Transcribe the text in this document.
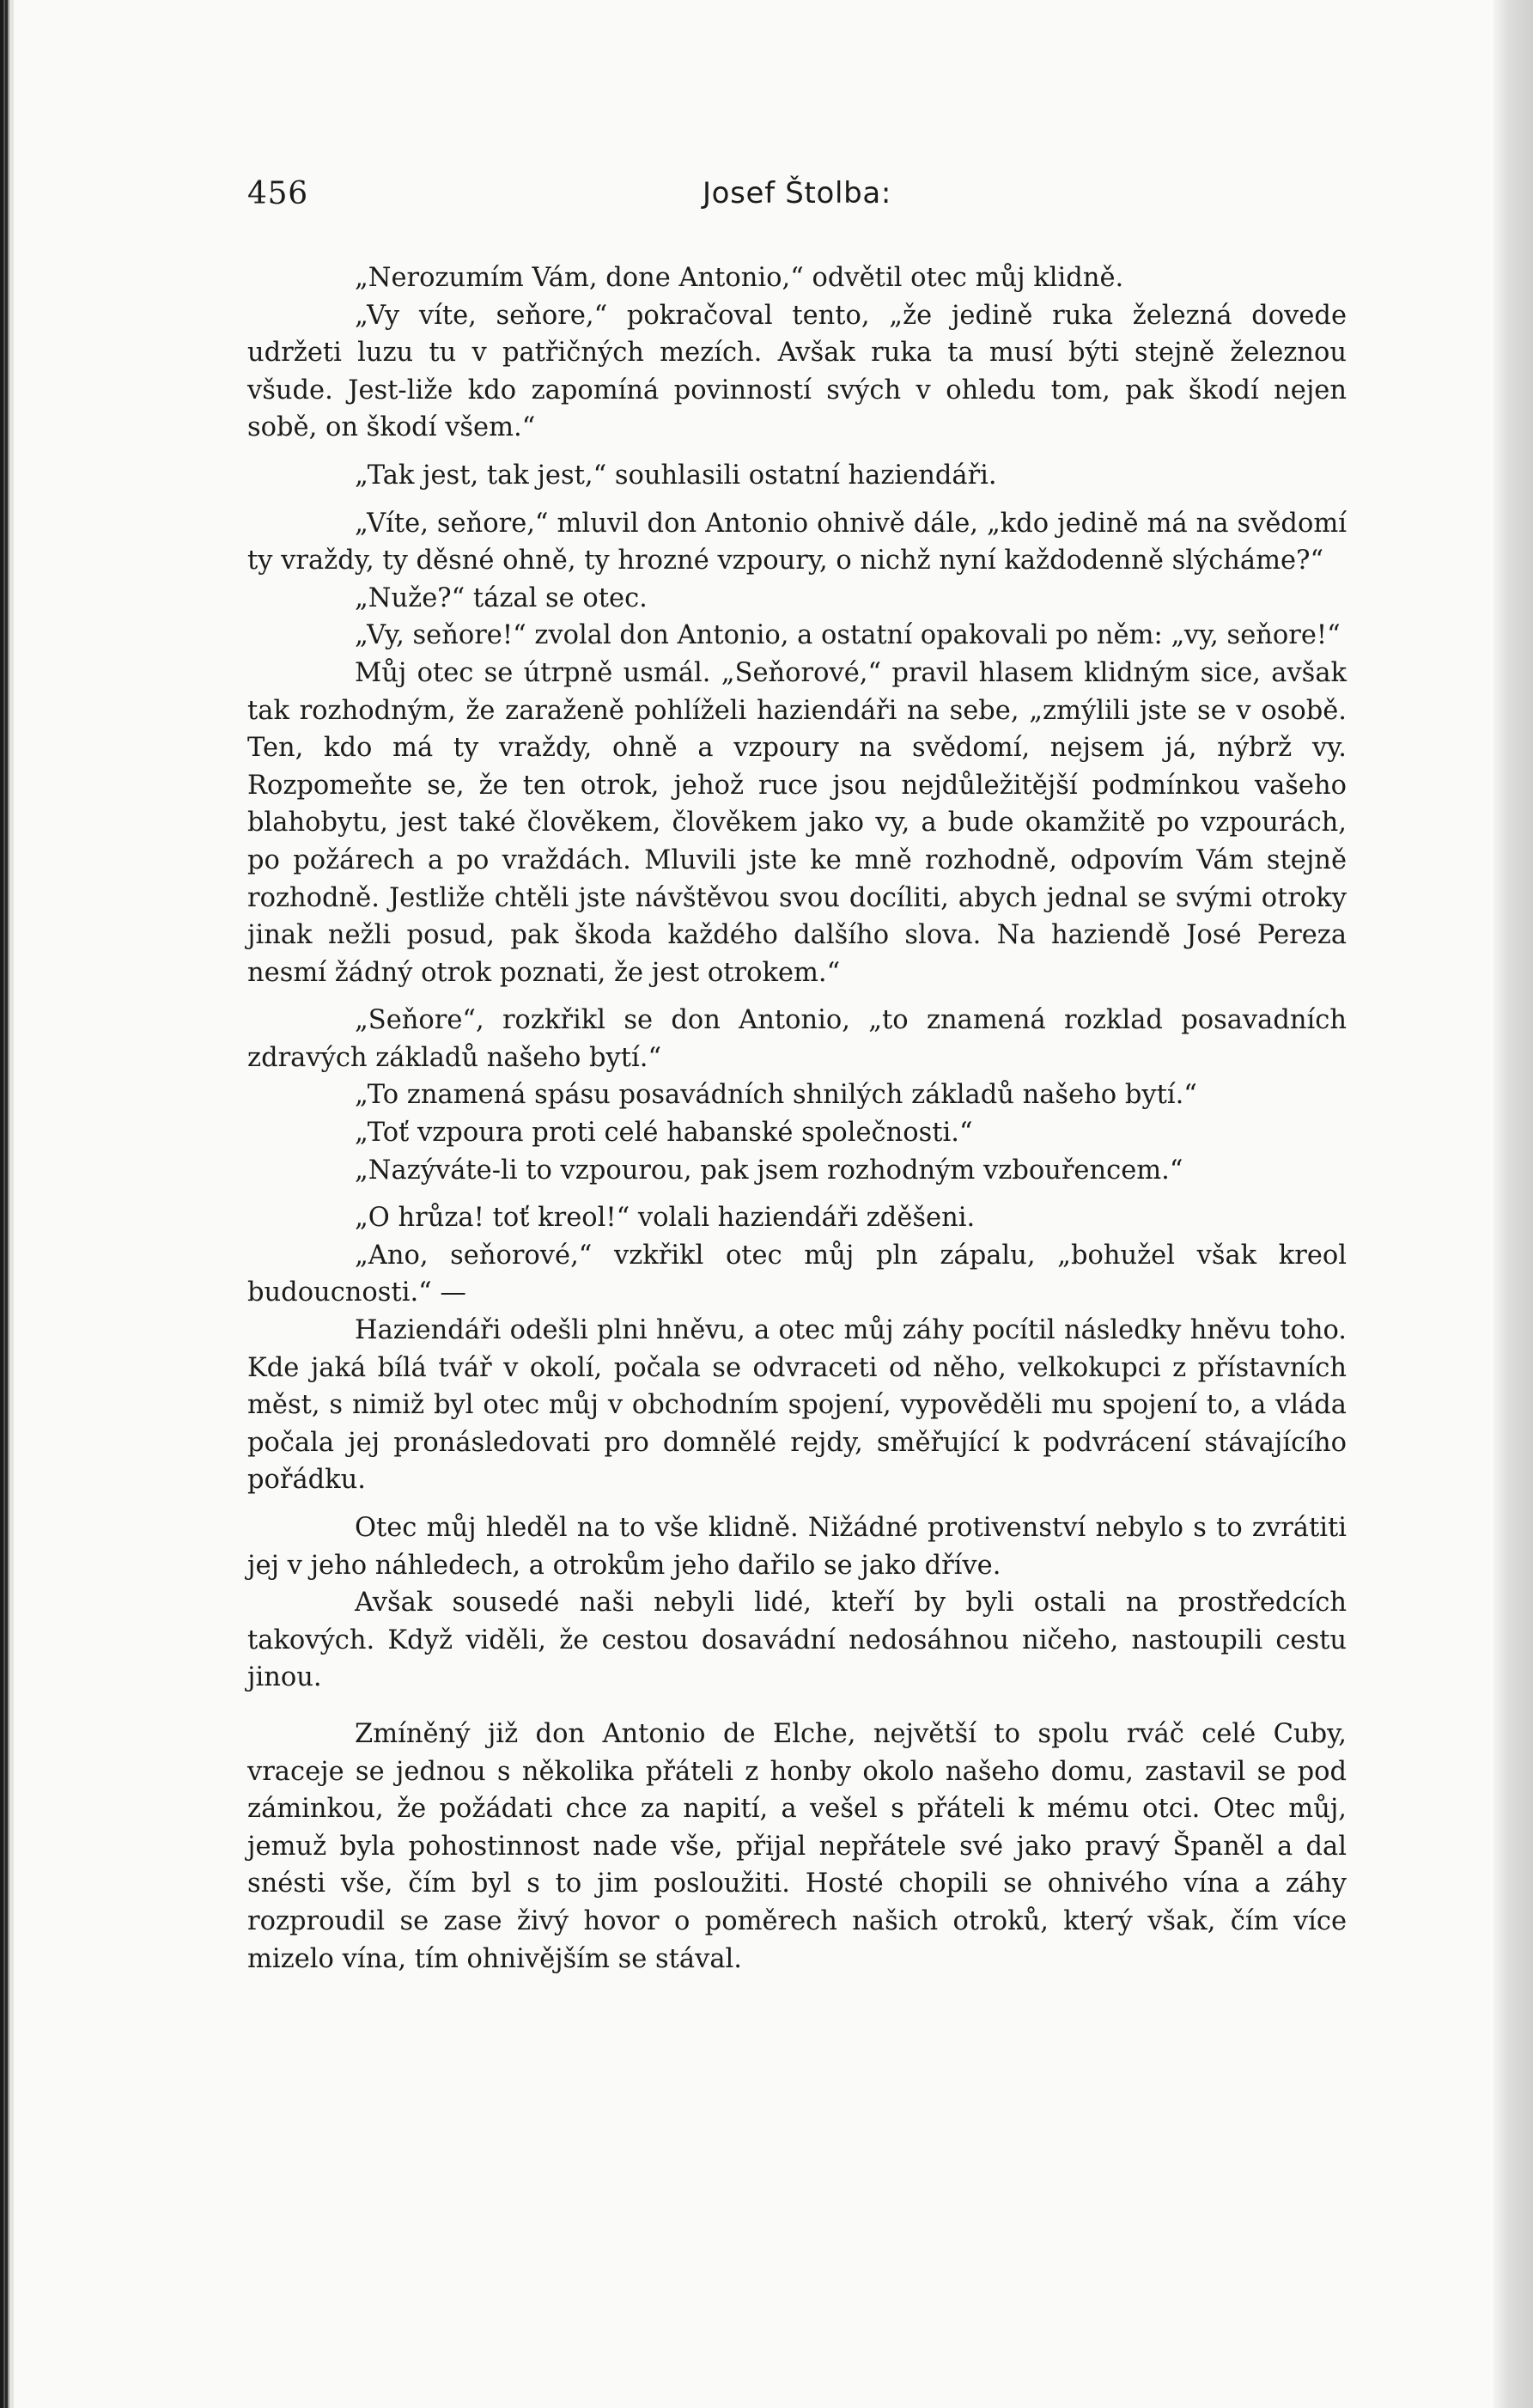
456	Josef Štolba:

„Nerozumím Vám, done Antonio,“ odvětil otec můj klidně.

„Vy víte, seňore,“ pokračoval tento, „že jedině ruka železná dovede udržeti luzu tu v patřičných mezích. Avšak ruka ta musí býti stejně železnou všude. Jest-liže kdo zapomíná povinností svých v ohledu tom, pak škodí nejen sobě, on škodí všem.“

„Tak jest, tak jest,“ souhlasili ostatní haziendáři.

„Víte, seňore,“ mluvil don Antonio ohnivě dále, „kdo jedině má na svědomí ty vraždy, ty děsné ohně, ty hrozné vzpoury, o nichž nyní každodenně slýcháme?“

„Nuže?“ tázal se otec.

„Vy, seňore!“ zvolal don Antonio, a ostatní opakovali po něm: „vy, seňore!“

Můj otec se útrpně usmál. „Seňorové,“ pravil hlasem klidným sice, avšak tak rozhodným, že zaraženě pohlíželi haziendáři na sebe, „zmýlili jste se v osobě. Ten, kdo má ty vraždy, ohně a vzpoury na svědomí, nejsem já, nýbrž vy. Rozpomeňte se, že ten otrok, jehož ruce jsou nejdůležitější podmínkou vašeho blahobytu, jest také člověkem, člověkem jako vy, a bude okamžitě po vzpourách, po požárech a po vraždách. Mluvili jste ke mně rozhodně, odpovím Vám stejně rozhodně. Jestliže chtěli jste návštěvou svou docíliti, abych jednal se svými otroky jinak nežli posud, pak škoda každého dalšího slova. Na haziendě José Pereza nesmí žádný otrok poznati, že jest otrokem.“

„Seňore“, rozkřikl se don Antonio, „to znamená rozklad posavadních zdravých základů našeho bytí.“

„To znamená spásu posavádních shnilých základů našeho bytí.“

„Toť vzpoura proti celé habanské společnosti.“

„Nazýváte-li to vzpourou, pak jsem rozhodným vzbouřencem.“

„O hrůza! toť kreol!“ volali haziendáři zděšeni.

„Ano, seňorové,“ vzkřikl otec můj pln zápalu, „bohužel však kreol budoucnosti.“ —

Haziendáři odešli plni hněvu, a otec můj záhy pocítil následky hněvu toho. Kde jaká bílá tvář v okolí, počala se odvraceti od něho, velkokupci z přístavních měst, s nimiž byl otec můj v obchodním spojení, vypověděli mu spojení to, a vláda počala jej pronásledovati pro domnělé rejdy, směřující k podvrácení stávajícího pořádku.

Otec můj hleděl na to vše klidně. Nižádné protivenství nebylo s to zvrátiti jej v jeho náhledech, a otrokům jeho dařilo se jako dříve.

Avšak sousedé naši nebyli lidé, kteří by byli ostali na prostředcích takových. Když viděli, že cestou dosavádní nedosáhnou ničeho, nastoupili cestu jinou.

Zmíněný již don Antonio de Elche, největší to spolu rváč celé Cuby, vraceje se jednou s několika přáteli z honby okolo našeho domu, zastavil se pod záminkou, že požádati chce za napití, a vešel s přáteli k mému otci. Otec můj, jemuž byla pohostinnost nade vše, přijal nepřátele své jako pravý Španěl a dal snésti vše, čím byl s to jim posloužiti. Hosté chopili se ohnivého vína a záhy rozproudil se zase živý hovor o poměrech našich otroků, který však, čím více mizelo vína, tím ohnivějším se stával.
